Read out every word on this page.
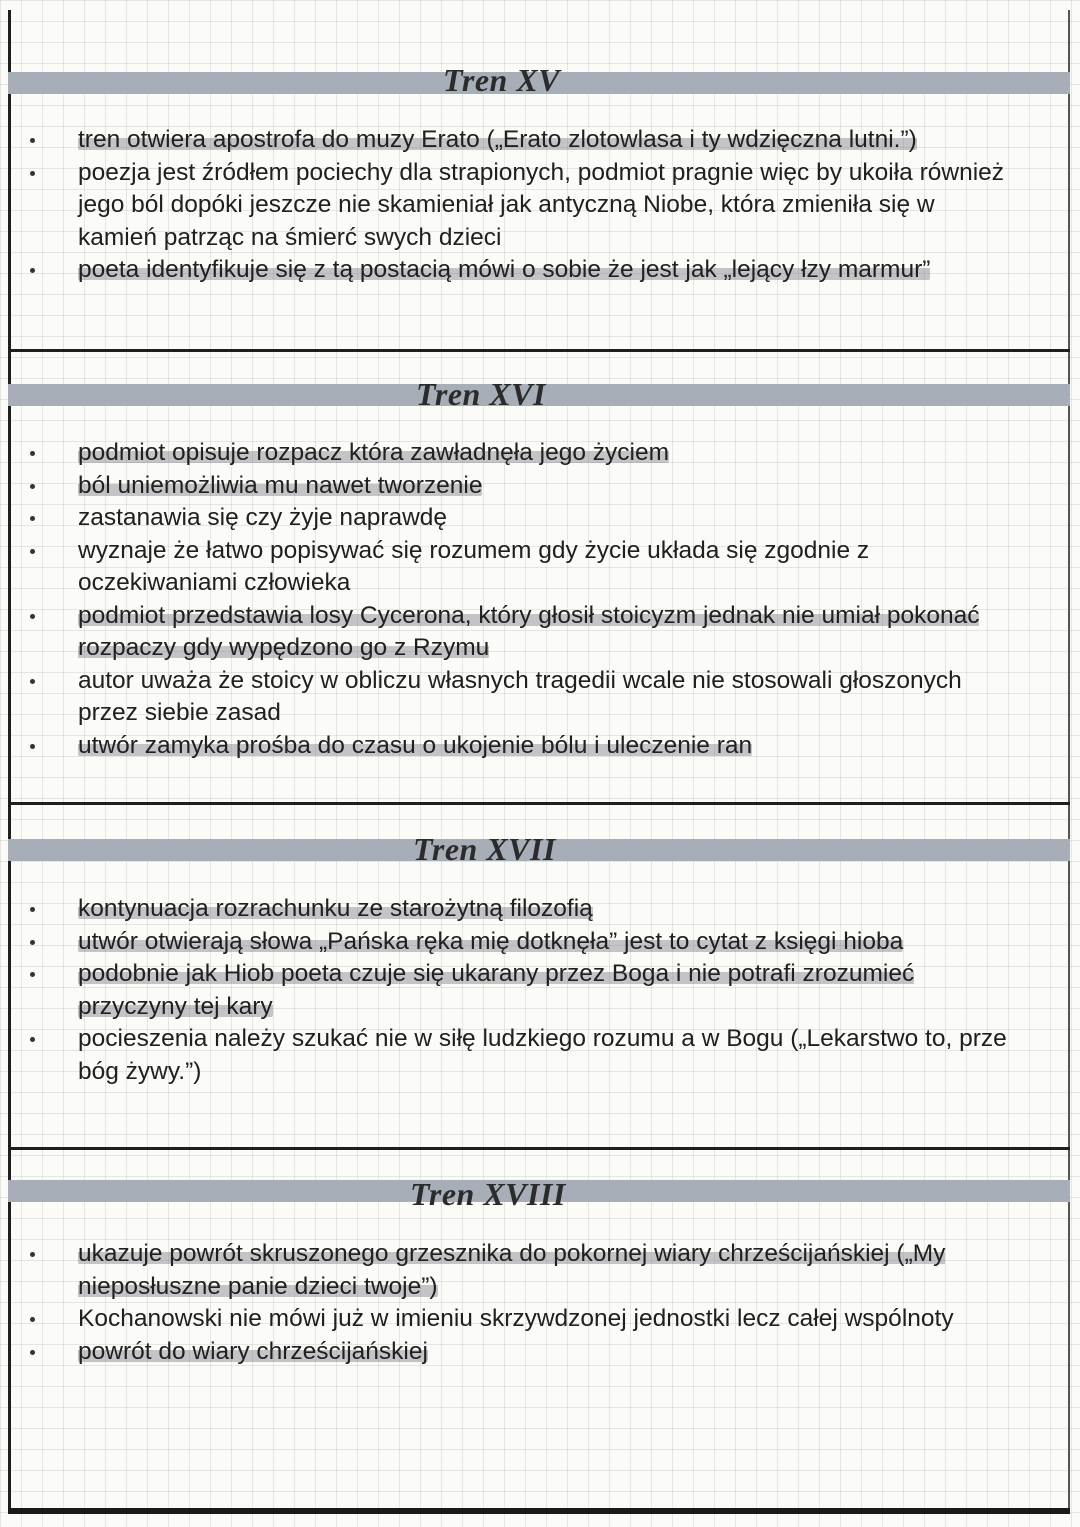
Tren XV
tren otwiera apostrofa do muzy Erato („Erato zlotowlasa i ty wdzięczna lutni.”)
poezja jest źródłem pociechy dla strapionych, podmiot pragnie więc by ukoiła również jego ból dopóki jeszcze nie skamieniał jak antyczną Niobe, która zmieniła się w kamień patrząc na śmierć swych dzieci
poeta identyfikuje się z tą postacią mówi o sobie że jest jak „lejący łzy marmur”
Tren XVI
podmiot opisuje rozpacz która zawładnęła jego życiem
ból uniemożliwia mu nawet tworzenie
zastanawia się czy żyje naprawdę
wyznaje że łatwo popisywać się rozumem gdy życie układa się zgodnie z oczekiwaniami człowieka
podmiot przedstawia losy Cycerona, który głosił stoicyzm jednak nie umiał pokonać rozpaczy gdy wypędzono go z Rzymu
autor uważa że stoicy w obliczu własnych tragedii wcale nie stosowali głoszonych przez siebie zasad
utwór zamyka prośba do czasu o ukojenie bólu i uleczenie ran
Tren XVII
kontynuacja rozrachunku ze starożytną filozofią
utwór otwierają słowa „Pańska ręka mię dotknęła” jest to cytat z księgi hioba
podobnie jak Hiob poeta czuje się ukarany przez Boga i nie potrafi zrozumieć przyczyny tej kary
pocieszenia należy szukać nie w siłę ludzkiego rozumu a w Bogu („Lekarstwo to, prze bóg żywy.”)
Tren XVIII
ukazuje powrót skruszonego grzesznika do pokornej wiary chrześcijańskiej („My nieposłuszne panie dzieci twoje”)
Kochanowski nie mówi już w imieniu skrzywdzonej jednostki lecz całej wspólnoty
powrót do wiary chrześcijańskiej
